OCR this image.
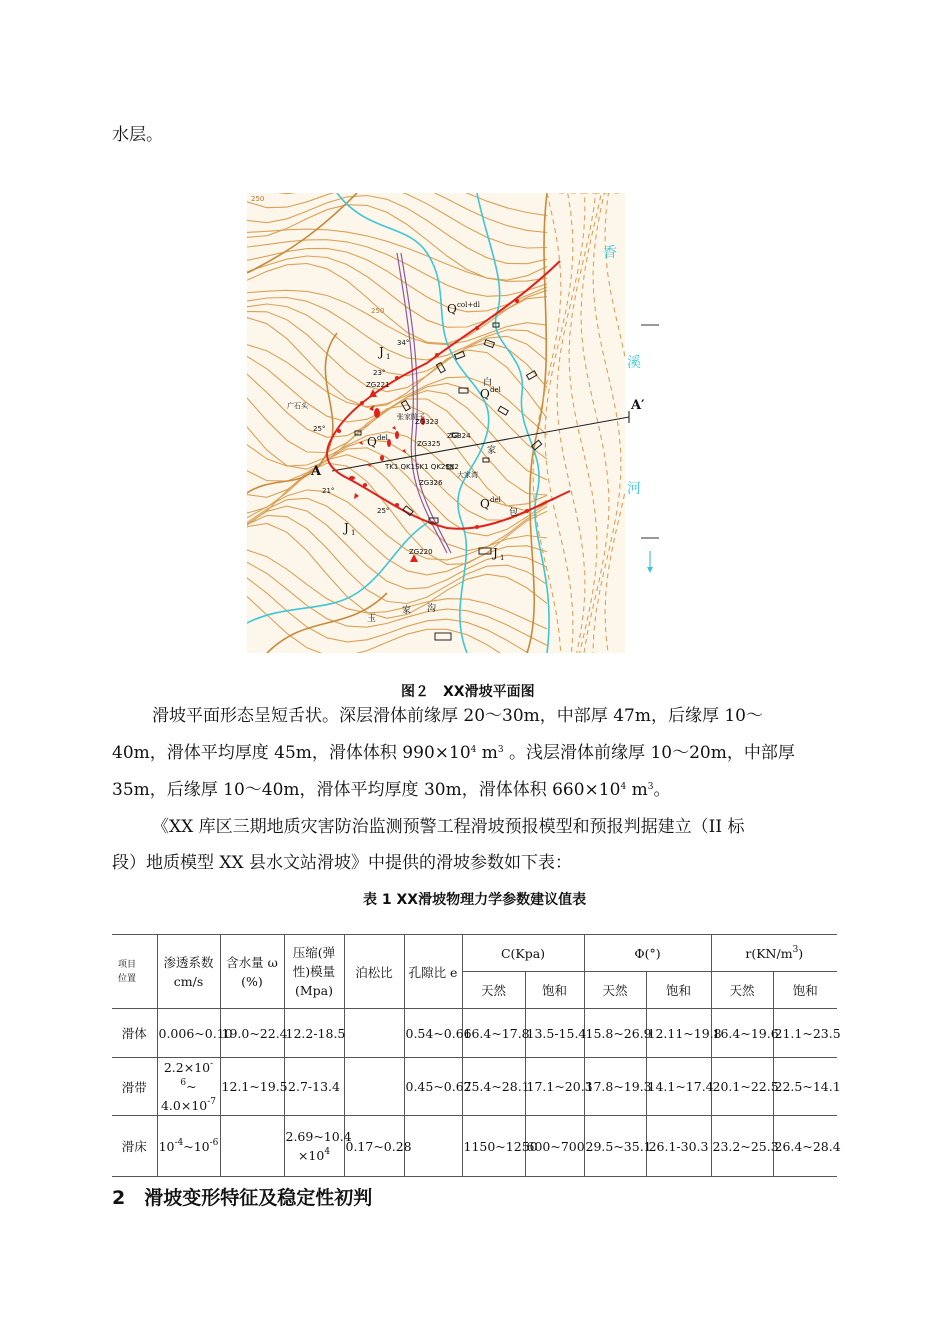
水层。
香
溪
河
A
A′
Q col+dl
Q del
Q del
Q del
J 1
J 1
J 1
ZG221
ZG220
ZG323
ZG324
ZG325
ZG326
TK1 QK1SK1 QK2SK2
张家院子
大家湾
34°
23°
25°
21°
25°
广石头
250
250
白
家
包
玉
家 沟
图２　XX滑坡平面图
滑坡平面形态呈短舌状。深层滑体前缘厚 20～30m，中部厚 47m，后缘厚 10～
40m，滑体平均厚度 45m，滑体体积 $990\times 10^4$ $m^3$ 。浅层滑体前缘厚 10～20m，中部厚
35m，后缘厚 10～40m，滑体平均厚度 30m，滑体体积 $660\times 10^4$ $m^3$。
《XX 库区三期地质灾害防治监测预警工程滑坡预报模型和预报判据建立（II 标
段）地质模型 XX 县水文站滑坡》中提供的滑坡参数如下表：
表 1 XX滑坡物理力学参数建议值表
项目
位置	渗透系数 cm/s	含水量 ω (%)	压缩(弹性)模量 (Mpa)	泊松比	孔隙比 e	C(Kpa)		Φ(°)		$r(KN/m^3)$	
						天然	饱和	天然	饱和	天然	饱和
滑体	0.006~0.10	19.0~22.4	12.2-18.5		0.54~0.66	16.4~17.8	13.5-15.4	15.8~26.9	12.11~19.8	16.4~19.6	21.1~23.5
滑带	$2.2\times 10^{-6}\sim$
$4.0\times 10^{-7}$	12.1~19.5	2.7-13.4		0.45~0.67	25.4~28.1	17.1~20.3	17.8~19.3	14.1~17.4	20.1~22.5	22.5~14.1
滑床	$10^{-4}\sim 10^{-6}$		2.69~10.4
$\times 10^4$	0.17~0.28		1150~1250	600~700	29.5~35.1	26.1-30.3	23.2~25.3	26.4~28.4
2　滑坡变形特征及稳定性初判
